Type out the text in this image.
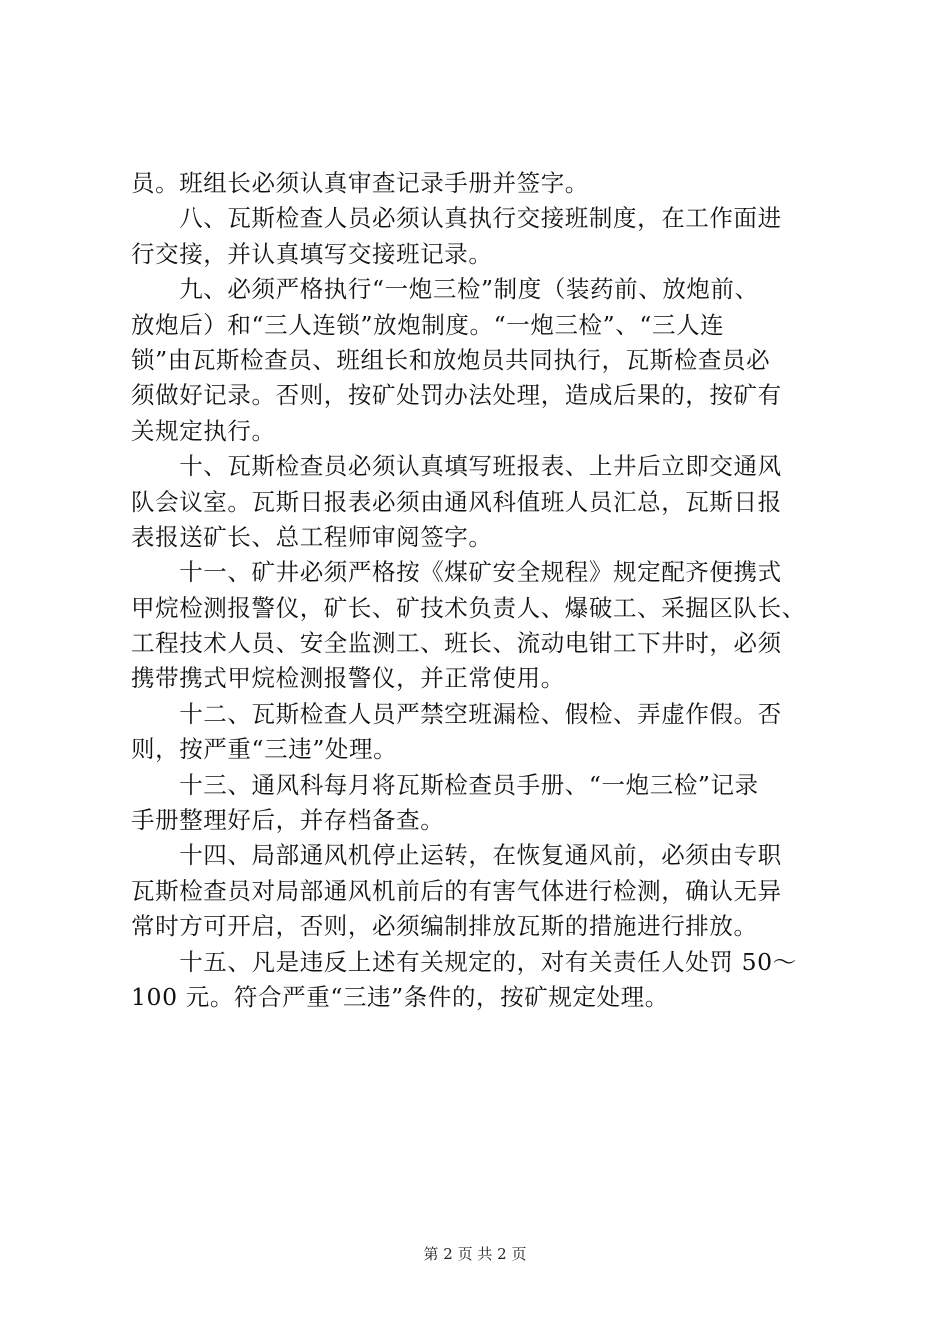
员。班组长必须认真审查记录手册并签字。
　　八、瓦斯检查人员必须认真执行交接班制度，在工作面进
行交接，并认真填写交接班记录。
　　九、必须严格执行“一炮三检”制度（装药前、放炮前、
放炮后）和“三人连锁”放炮制度。“一炮三检”、“三人连
锁”由瓦斯检查员、班组长和放炮员共同执行，瓦斯检查员必
须做好记录。否则，按矿处罚办法处理，造成后果的，按矿有
关规定执行。
　　十、瓦斯检查员必须认真填写班报表、上井后立即交通风
队会议室。瓦斯日报表必须由通风科值班人员汇总，瓦斯日报
表报送矿长、总工程师审阅签字。
　　十一、矿井必须严格按《煤矿安全规程》规定配齐便携式
甲烷检测报警仪，矿长、矿技术负责人、爆破工、采掘区队长、
工程技术人员、安全监测工、班长、流动电钳工下井时，必须
携带携式甲烷检测报警仪，并正常使用。
　　十二、瓦斯检查人员严禁空班漏检、假检、弄虚作假。否
则，按严重“三违”处理。
　　十三、通风科每月将瓦斯检查员手册、“一炮三检”记录
手册整理好后，并存档备查。
　　十四、局部通风机停止运转，在恢复通风前，必须由专职
瓦斯检查员对局部通风机前后的有害气体进行检测，确认无异
常时方可开启，否则，必须编制排放瓦斯的措施进行排放。
　　十五、凡是违反上述有关规定的，对有关责任人处罚 50～
100 元。符合严重“三违”条件的，按矿规定处理。
第 2 页 共 2 页
